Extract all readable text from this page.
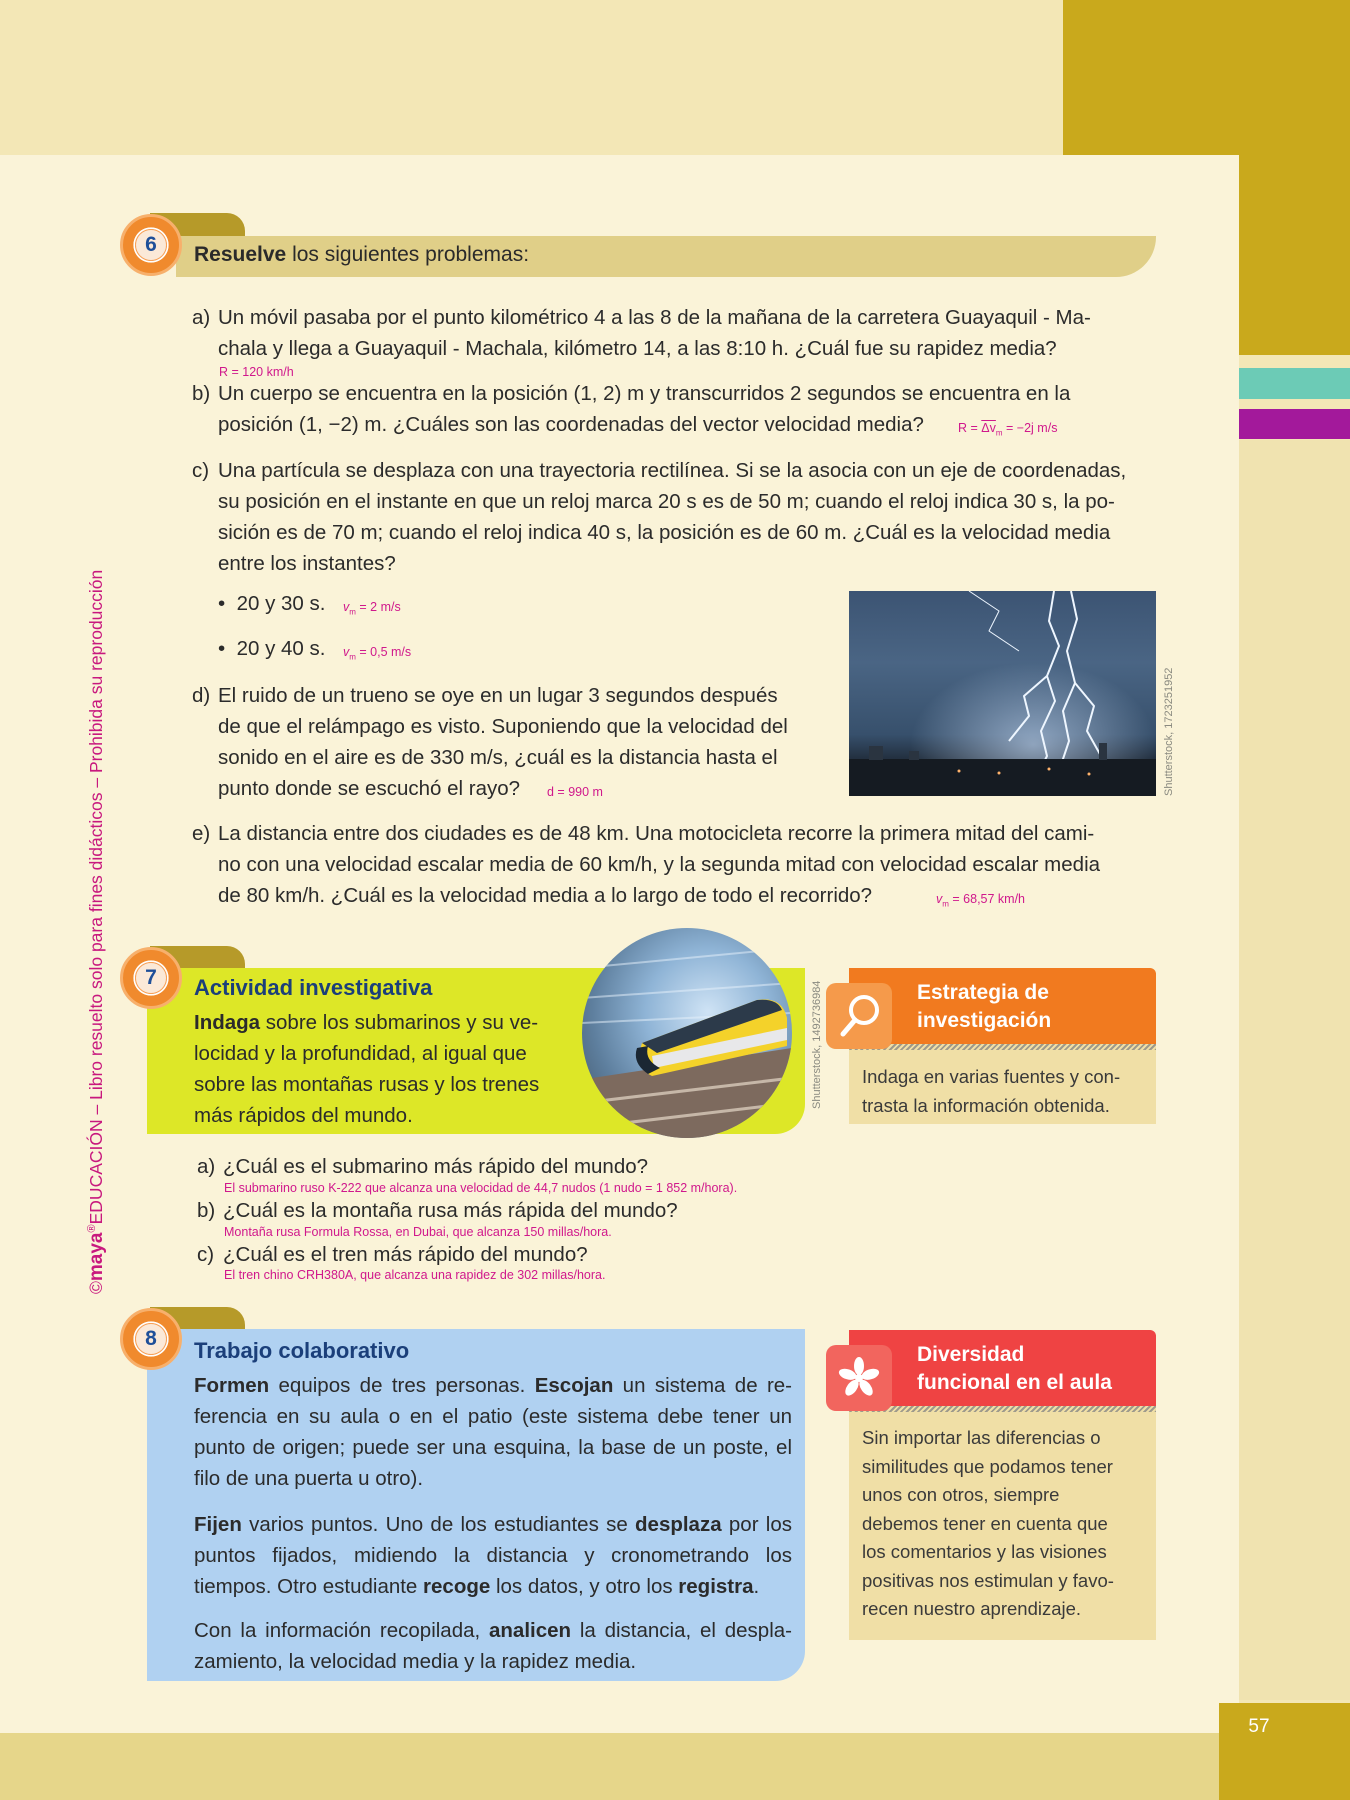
57
©maya®EDUCACIÓN – Libro resuelto solo para fines didácticos – Prohibida su reproducción
6	Resuelve los siguientes problemas:
a) Un móvil pasaba por el punto kilométrico 4 a las 8 de la mañana de la carretera Guayaquil - Ma-
chala y llega a Guayaquil - Machala, kilómetro 14, a las 8:10 h. ¿Cuál fue su rapidez media?
R = 120 km/h
b) Un cuerpo se encuentra en la posición (1, 2) m y transcurridos 2 segundos se encuentra en la
posición (1, −2) m. ¿Cuáles son las coordenadas del vector velocidad media?	$R = \overline{\Delta v}_m = -2j$ m/s
c) Una partícula se desplaza con una trayectoria rectilínea. Si se la asocia con un eje de coordenadas,
su posición en el instante en que un reloj marca 20 s es de 50 m; cuando el reloj indica 30 s, la po-
sición es de 70 m; cuando el reloj indica 40 s, la posición es de 60 m. ¿Cuál es la velocidad media
entre los instantes?
•  20 y 30 s. $v_m = 2$ m/s
•  20 y 40 s. $v_m = 0,5$ m/s
d) El ruido de un trueno se oye en un lugar 3 segundos después
de que el relámpago es visto. Suponiendo que la velocidad del
sonido en el aire es de 330 m/s, ¿cuál es la distancia hasta el
punto donde se escuchó el rayo?	d = 990 m	Shutterstock, 1723251952
e) La distancia entre dos ciudades es de 48 km. Una motocicleta recorre la primera mitad del cami-
no con una velocidad escalar media de 60 km/h, y la segunda mitad con velocidad escalar media
de 80 km/h. ¿Cuál es la velocidad media a lo largo de todo el recorrido?	$v_m = 68,57$ km/h
7	Actividad investigativa
Indaga sobre los submarinos y su ve- locidad y la profundidad, al igual que sobre las montañas rusas y los trenes más rápidos del mundo.
Shutterstock, 1492736984	Estrategia de
investigación
Indaga en varias fuentes y con- trasta la información obtenida.
a) ¿Cuál es el submarino más rápido del mundo?
El submarino ruso K-222 que alcanza una velocidad de 44,7 nudos (1 nudo = 1 852 m/hora).
b) ¿Cuál es la montaña rusa más rápida del mundo?
Montaña rusa Formula Rossa, en Dubai, que alcanza 150 millas/hora.
c) ¿Cuál es el tren más rápido del mundo?
El tren chino CRH380A, que alcanza una rapidez de 302 millas/hora.
8	Trabajo colaborativo
Formen equipos de tres personas. Escojan un sistema de re- ferencia en su aula o en el patio (este sistema debe tener un punto de origen; puede ser una esquina, la base de un poste, el filo de una puerta u otro).
Fijen varios puntos. Uno de los estudiantes se desplaza por los puntos fijados, midiendo la distancia y cronometrando los tiempos. Otro estudiante recoge los datos, y otro los registra.
Con la información recopilada, analicen la distancia, el despla- zamiento, la velocidad media y la rapidez media.
Diversidad
funcional en el aula
Sin importar las diferencias o similitudes que podamos tener unos con otros, siempre debemos tener en cuenta que los comentarios y las visiones positivas nos estimulan y favo- recen nuestro aprendizaje.
